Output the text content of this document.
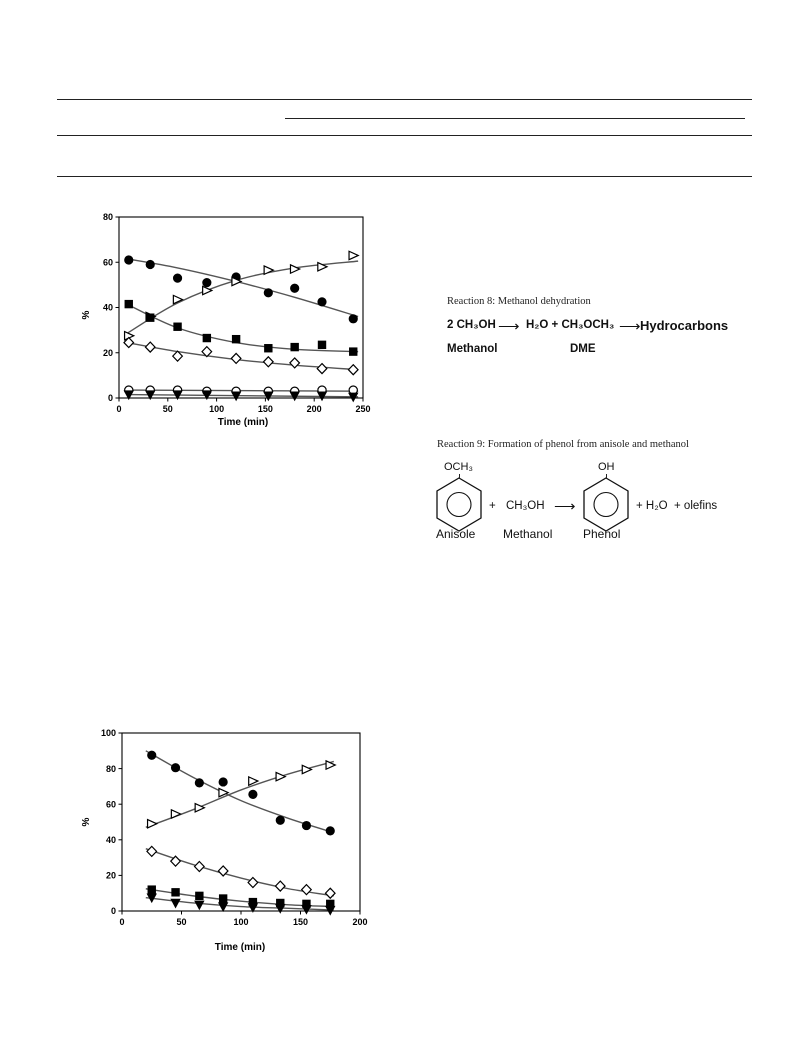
%
Time (min)
0	50	100	150	200	250
0
20
40
60
80
%
Time (min)
0	50	100	150	200
0
20
40
60
80
100
Reaction 8: Methanol dehydration
2 CH₃OH ⟶ H₂O + CH₃OCH₃ ⟶ Hydrocarbons
Methanol	DME
Reaction 9: Formation of phenol from anisole and methanol
OCH₃
+ CH₃OH ⟶
OH
+ H₂O  + olefins
Anisole Methanol	Phenol
